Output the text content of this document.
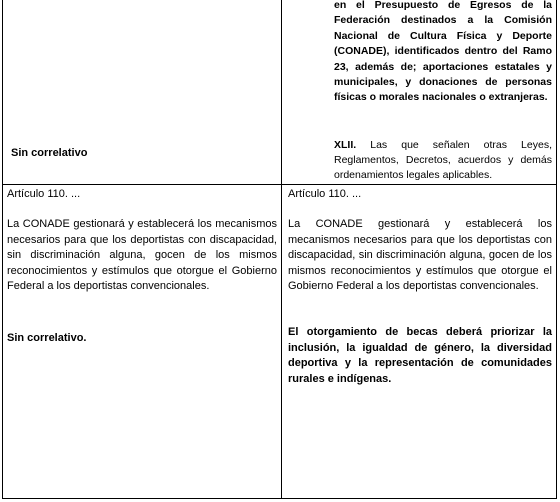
Sin correlativo

en el Presupuesto de Egresos de la Federación destinados a la Comisión Nacional de Cultura Física y Deporte (CONADE), identificados dentro del Ramo 23, además de; aportaciones estatales y municipales, y donaciones de personas físicas o morales nacionales o extranjeras.

XLII. Las que señalen otras Leyes, Reglamentos, Decretos, acuerdos y demás ordenamientos legales aplicables.

Artículo 110. ...

La CONADE gestionará y establecerá los mecanismos necesarios para que los deportistas con discapacidad, sin discriminación alguna, gocen de los mismos reconocimientos y estímulos que otorgue el Gobierno Federal a los deportistas convencionales.

Sin correlativo.

Artículo 110. ...

La CONADE gestionará y establecerá los mecanismos necesarios para que los deportistas con discapacidad, sin discriminación alguna, gocen de los mismos reconocimientos y estímulos que otorgue el Gobierno Federal a los deportistas convencionales.

El otorgamiento de becas deberá priorizar la inclusión, la igualdad de género, la diversidad deportiva y la representación de comunidades rurales e indígenas.
